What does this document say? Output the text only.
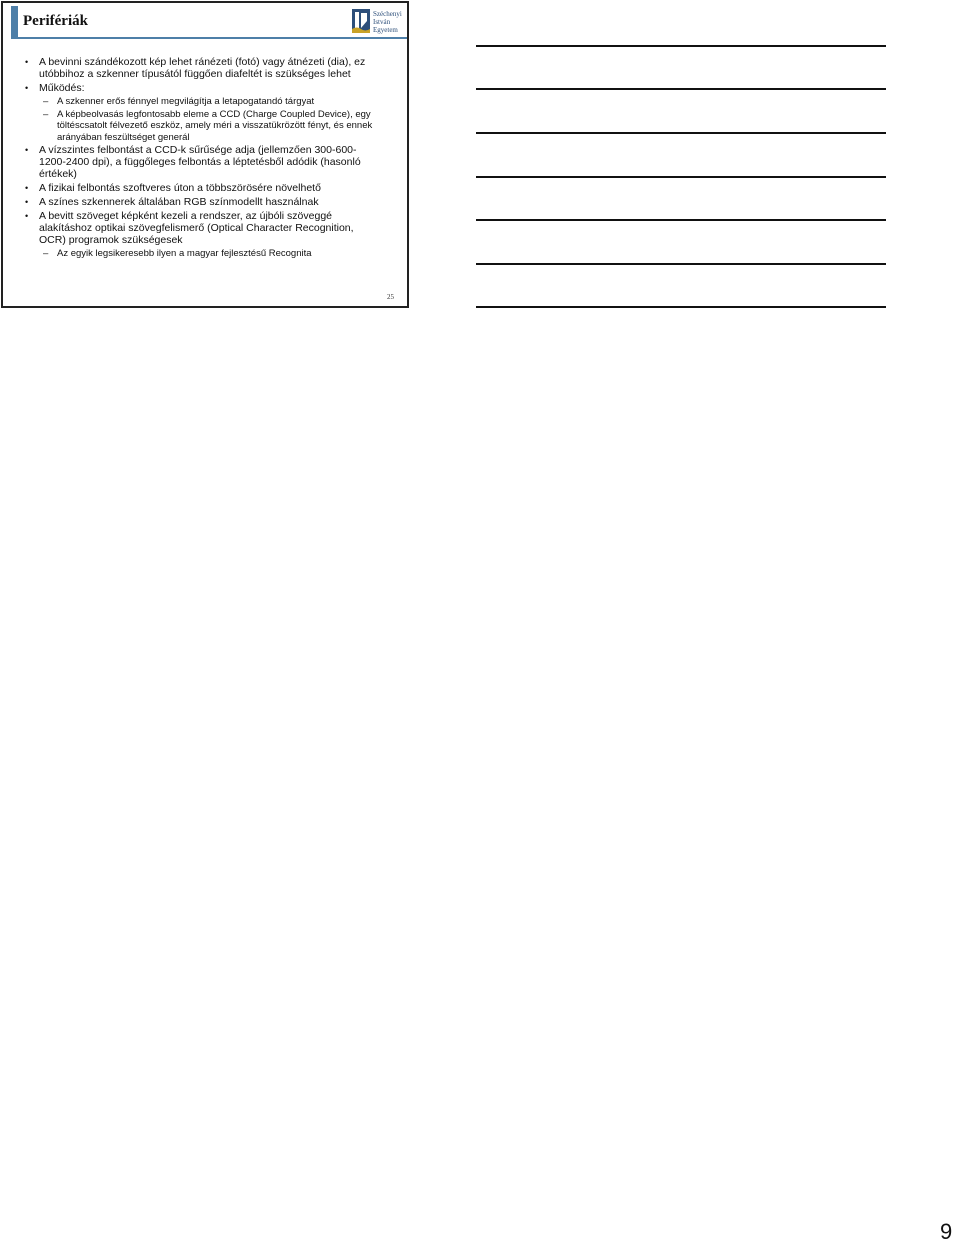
Perifériák	Széchenyi
István
Egyetem
• A bevinni szándékozott kép lehet ránézeti (fotó) vagy átnézeti (dia), ez utóbbihoz a szkenner típusától függően diafeltét is szükséges lehet
• Működés:
– A szkenner erős fénnyel megvilágítja a letapogatandó tárgyat
– A képbeolvasás legfontosabb eleme a CCD (Charge Coupled Device), egy töltéscsatolt félvezető eszköz, amely méri a visszatükrözött fényt, és ennek arányában feszültséget generál
• A vízszintes felbontást a CCD-k sűrűsége adja (jellemzően 300-600-1200-2400 dpi), a függőleges felbontás a léptetésből adódik (hasonló értékek)
• A fizikai felbontás szoftveres úton a többszörösére növelhető
• A színes szkennerek általában RGB színmodellt használnak
• A bevitt szöveget képként kezeli a rendszer, az újbóli szöveggé alakításhoz optikai szövegfelismerő (Optical Character Recognition, OCR) programok szükségesek
– Az egyik legsikeresebb ilyen a magyar fejlesztésű Recognita
25
9
